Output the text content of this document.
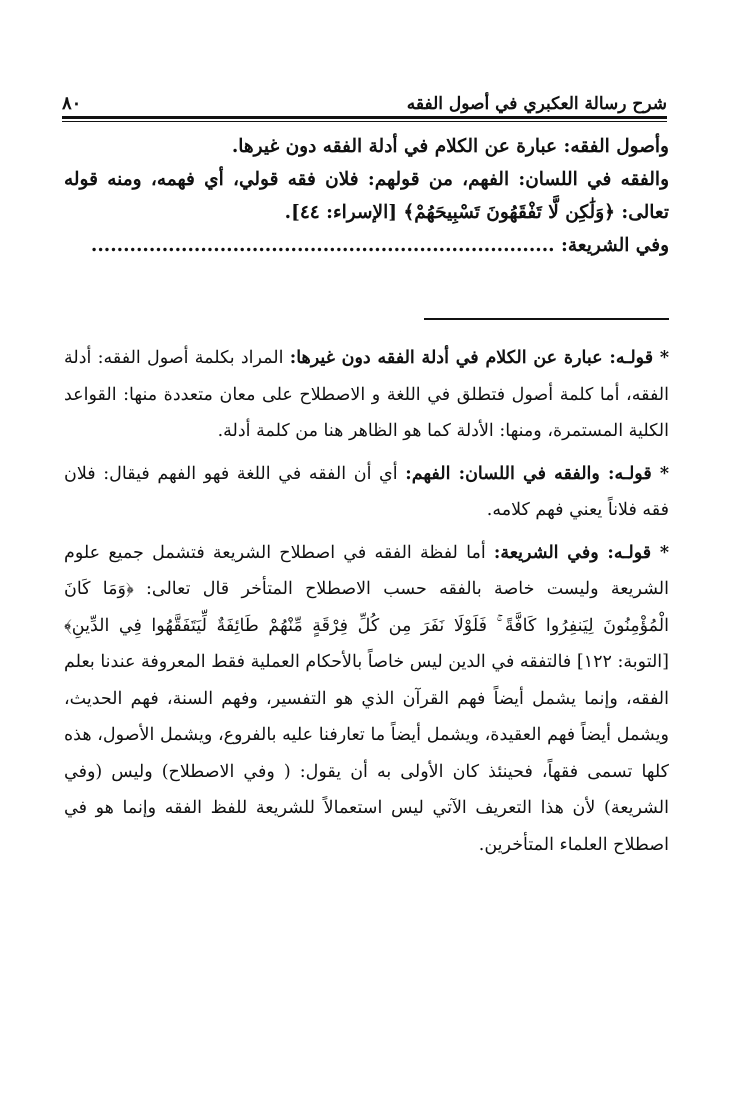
شرح رسالة العكبري في أصول الفقه
٨٠

وأصول الفقه: عبارة عن الكلام في أدلة الفقه دون غيرها.

والفقه في اللسان: الفهم، من قولهم: فلان فقه قولي، أي فهمه، ومنه قوله تعالى: ﴿وَلَٰكِن لَّا تَفْقَهُونَ تَسْبِيحَهُمْ﴾ [الإسراء: ٤٤].

وفي الشريعة: ........................................................................

* قولـه: عبارة عن الكلام في أدلة الفقه دون غيرها: المراد بكلمة أصول الفقه: أدلة الفقه، أما كلمة أصول فتطلق في اللغة و الاصطلاح على معان متعددة منها: القواعد الكلية المستمرة، ومنها: الأدلة كما هو الظاهر هنا من كلمة أدلة.

* قولـه: والفقه في اللسان: الفهم: أي أن الفقه في اللغة فهو الفهم فيقال: فلان فقه فلاناً يعني فهم كلامه.

* قولـه: وفي الشريعة: أما لفظة الفقه في اصطلاح الشريعة فتشمل جميع علوم الشريعة وليست خاصة بالفقه حسب الاصطلاح المتأخر قال تعالى: ﴿وَمَا كَانَ الْمُؤْمِنُونَ لِيَنفِرُوا كَافَّةً ۚ فَلَوْلَا نَفَرَ مِن كُلِّ فِرْقَةٍ مِّنْهُمْ طَائِفَةٌ لِّيَتَفَقَّهُوا فِي الدِّينِ﴾ [التوبة: ١٢٢] فالتفقه في الدين ليس خاصاً بالأحكام العملية فقط المعروفة عندنا بعلم الفقه، وإنما يشمل أيضاً فهم القرآن الذي هو التفسير، وفهم السنة، فهم الحديث، ويشمل أيضاً فهم العقيدة، ويشمل أيضاً ما تعارفنا عليه بالفروع، ويشمل الأصول، هذه كلها تسمى فقهاً، فحينئذ كان الأولى به أن يقول: ( وفي الاصطلاح) وليس (وفي الشريعة) لأن هذا التعريف الآتي ليس استعمالاً للشريعة للفظ الفقه وإنما هو في اصطلاح العلماء المتأخرين.
